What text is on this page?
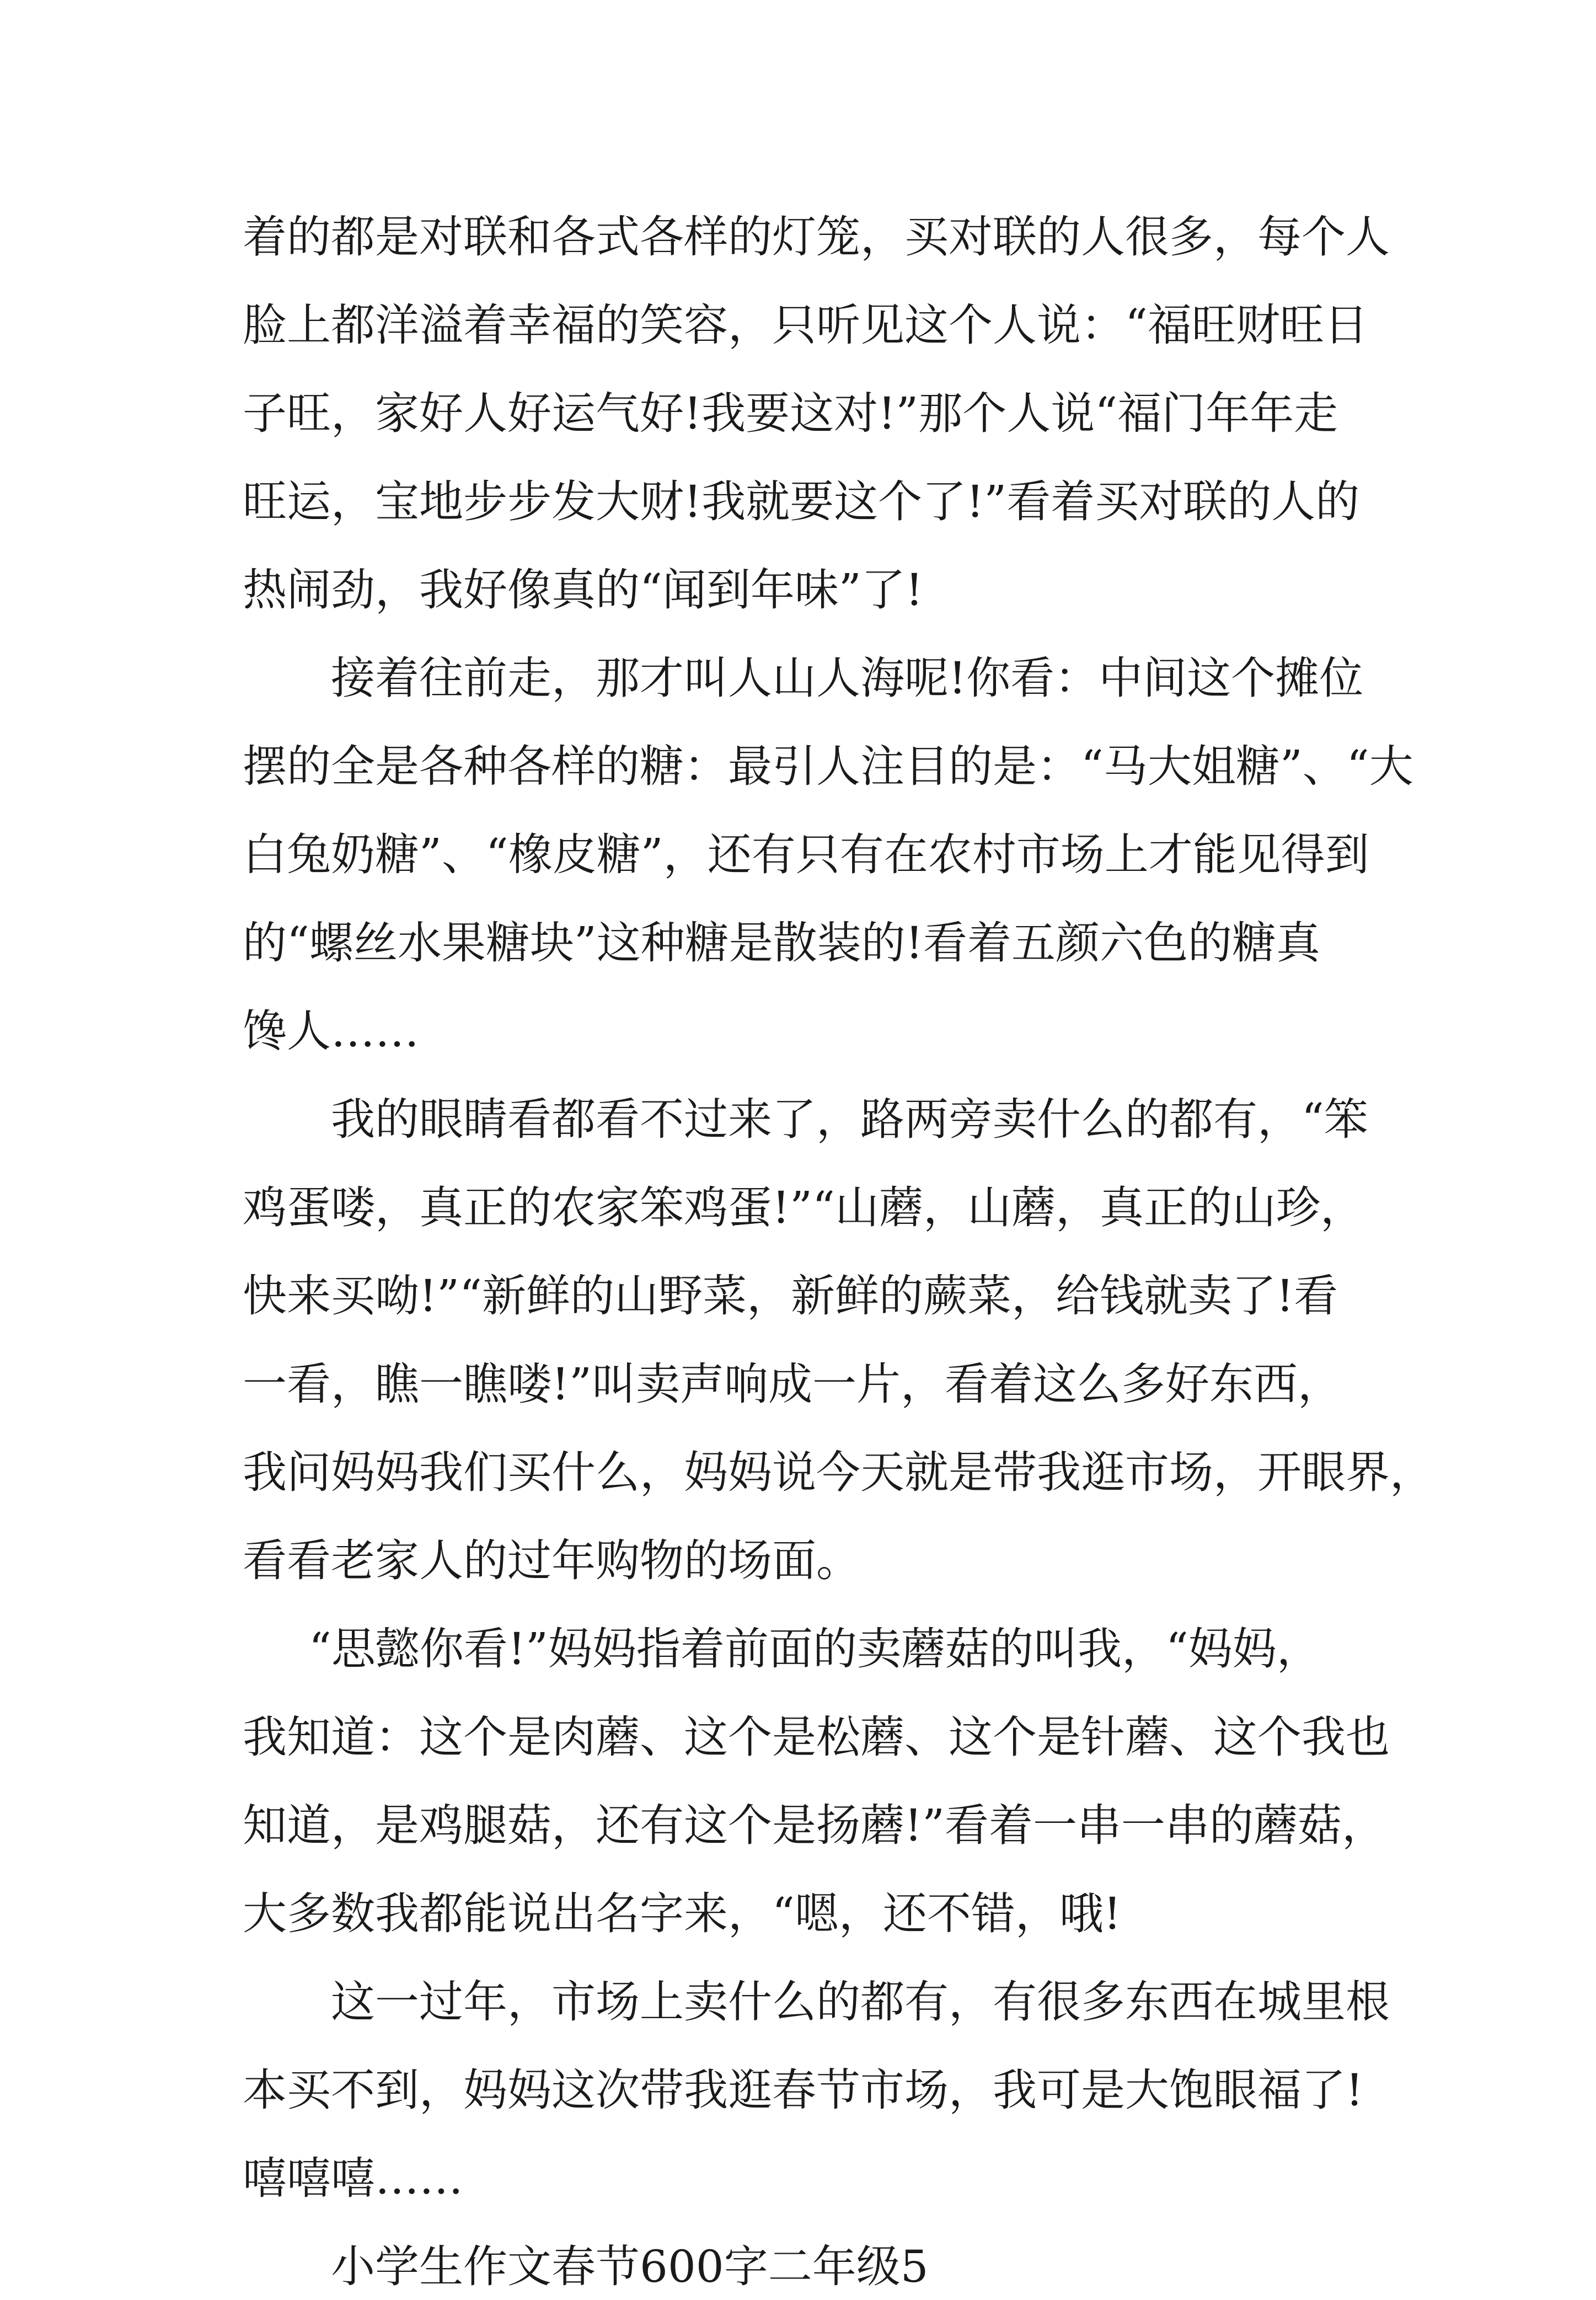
着的都是对联和各式各样的灯笼，买对联的人很多，每个人
脸上都洋溢着幸福的笑容，只听见这个人说：“福旺财旺日
子旺，家好人好运气好!我要这对!”那个人说“福门年年走
旺运，宝地步步发大财!我就要这个了!”看着买对联的人的
热闹劲，我好像真的“闻到年味”了!
接着往前走，那才叫人山人海呢!你看：中间这个摊位
摆的全是各种各样的糖：最引人注目的是：“马大姐糖”、“大
白兔奶糖”、“橡皮糖”，还有只有在农村市场上才能见得到
的“螺丝水果糖块”这种糖是散装的!看着五颜六色的糖真
馋人……
我的眼睛看都看不过来了，路两旁卖什么的都有，“笨
鸡蛋喽，真正的农家笨鸡蛋!”“山蘑，山蘑，真正的山珍，
快来买呦!”“新鲜的山野菜，新鲜的蕨菜，给钱就卖了!看
一看，瞧一瞧喽!”叫卖声响成一片，看着这么多好东西，
我问妈妈我们买什么，妈妈说今天就是带我逛市场，开眼界，
看看老家人的过年购物的场面。
“思懿你看!”妈妈指着前面的卖蘑菇的叫我，“妈妈，
我知道：这个是肉蘑、这个是松蘑、这个是针蘑、这个我也
知道，是鸡腿菇，还有这个是扬蘑!”看着一串一串的蘑菇，
大多数我都能说出名字来，“嗯，还不错，哦!
这一过年，市场上卖什么的都有，有很多东西在城里根
本买不到，妈妈这次带我逛春节市场，我可是大饱眼福了!
嘻嘻嘻……
小学生作文春节600字二年级5
